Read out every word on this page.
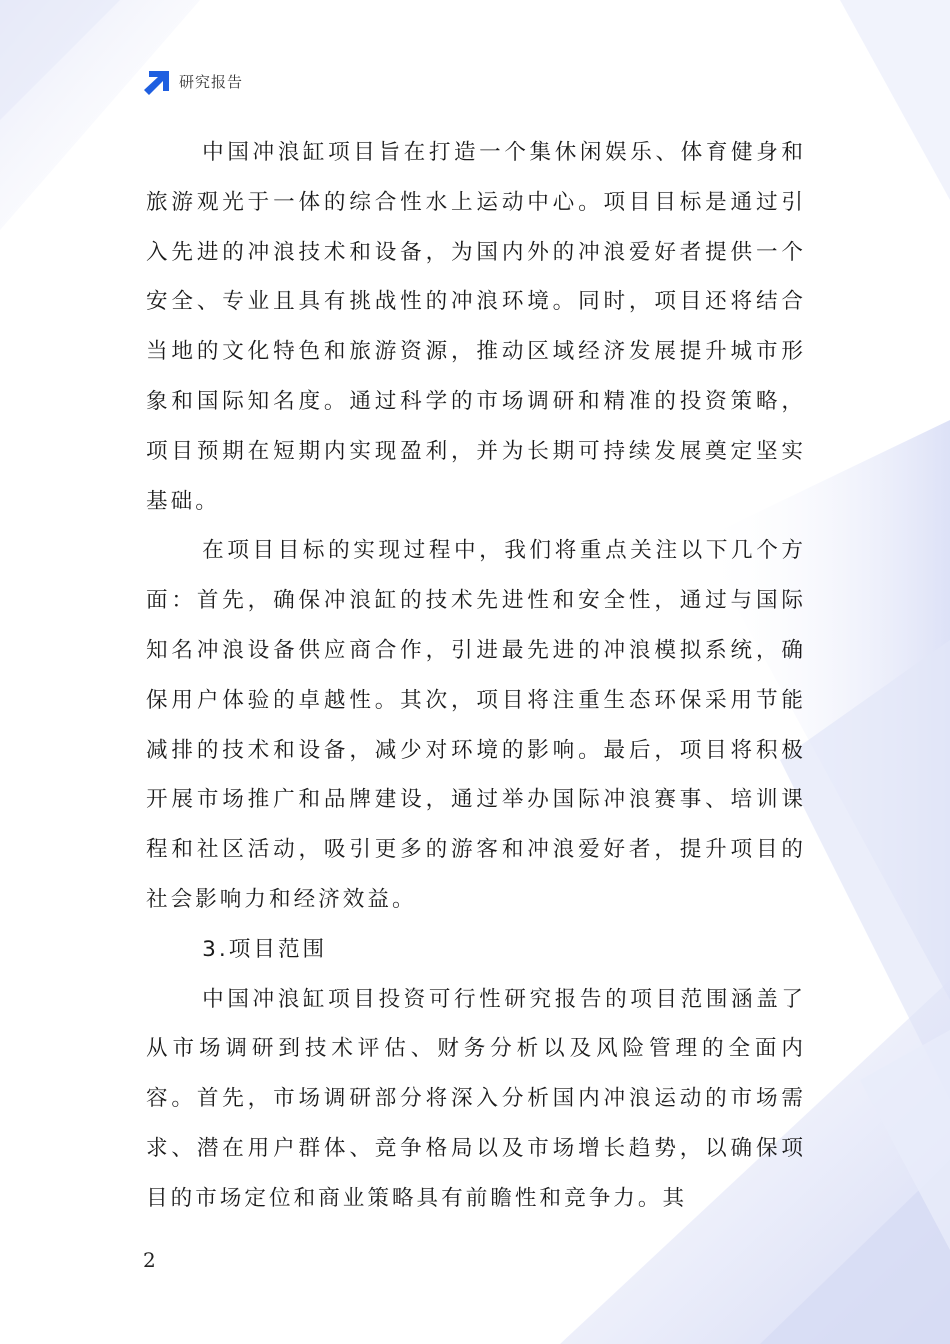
研究报告

中国冲浪缸项目旨在打造一个集休闲娱乐、体育健身和旅游观光于一体的综合性水上运动中心。项目目标是通过引入先进的冲浪技术和设备，为国内外的冲浪爱好者提供一个安全、专业且具有挑战性的冲浪环境。同时，项目还将结合当地的文化特色和旅游资源，推动区域经济发展提升城市形象和国际知名度。通过科学的市场调研和精准的投资策略，项目预期在短期内实现盈利，并为长期可持续发展奠定坚实基础。

在项目目标的实现过程中，我们将重点关注以下几个方面：首先，确保冲浪缸的技术先进性和安全性，通过与国际知名冲浪设备供应商合作，引进最先进的冲浪模拟系统，确保用户体验的卓越性。其次，项目将注重生态环保采用节能减排的技术和设备，减少对环境的影响。最后，项目将积极开展市场推广和品牌建设，通过举办国际冲浪赛事、培训课程和社区活动，吸引更多的游客和冲浪爱好者，提升项目的社会影响力和经济效益。

3.项目范围

中国冲浪缸项目投资可行性研究报告的项目范围涵盖了从市场调研到技术评估、财务分析以及风险管理的全面内容。首先，市场调研部分将深入分析国内冲浪运动的市场需求、潜在用户群体、竞争格局以及市场增长趋势，以确保项目的市场定位和商业策略具有前瞻性和竞争力。其

2
